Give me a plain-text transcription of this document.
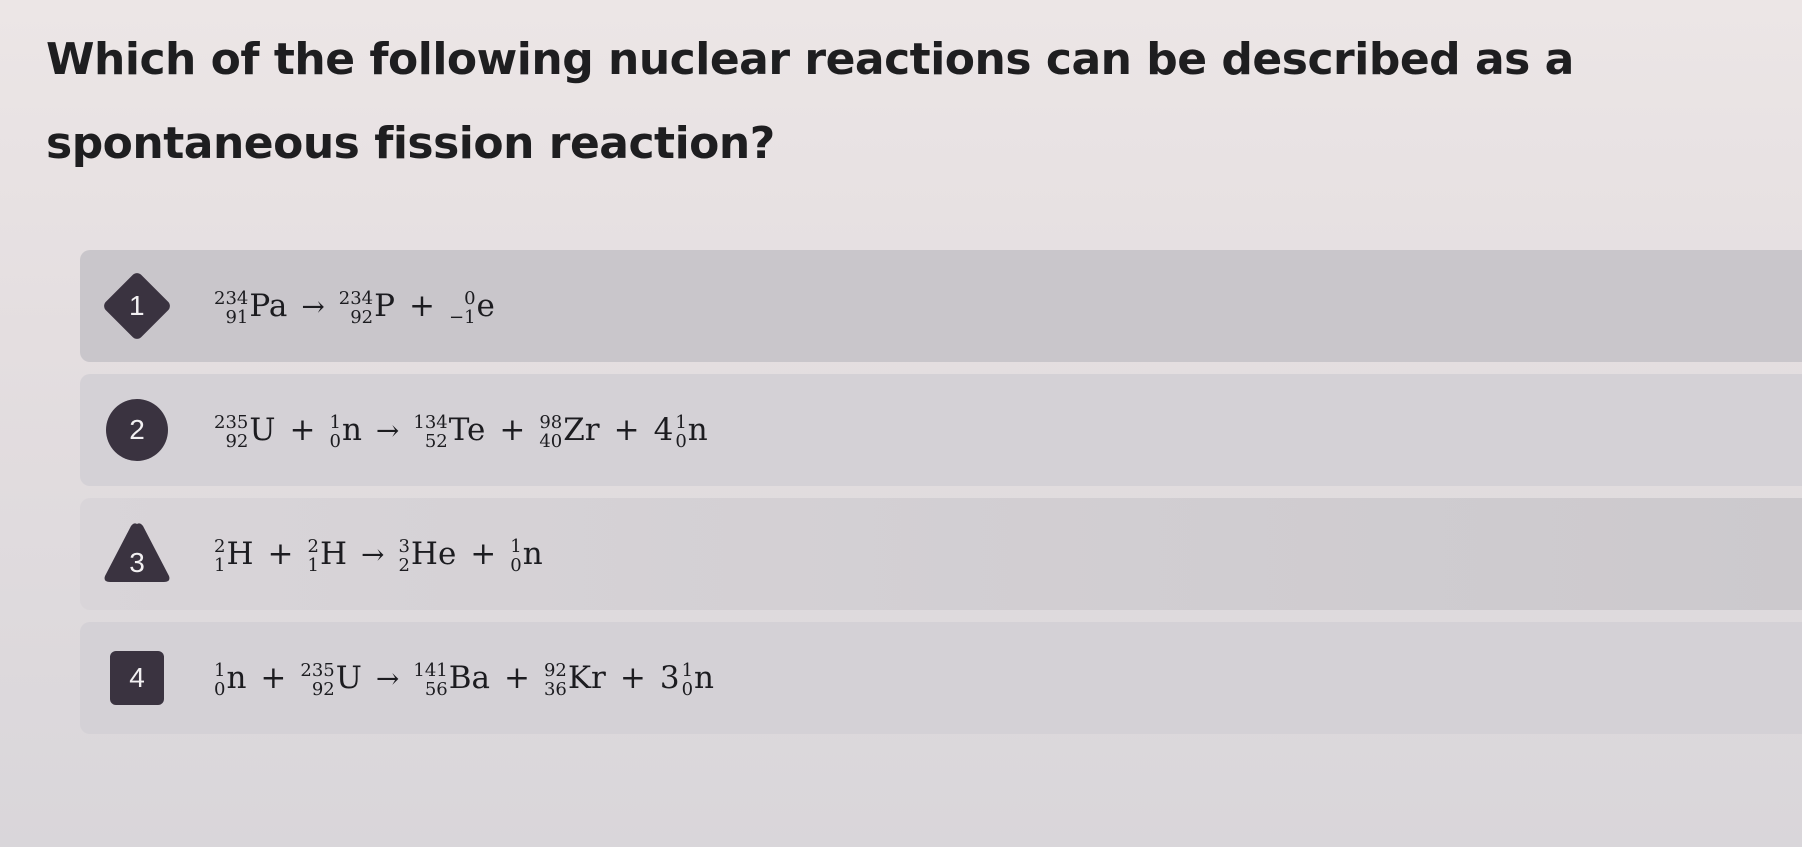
Which of the following nuclear reactions can be described as a spontaneous fission reaction?
1	234
91 Pa → 234
92 P + 0
−1 e
2	235
92 U + 1
0 n → 134
52 Te + 98
40 Zr + 4 1
0 n
3
2
1 H + 2
1 H → 3
2 He + 1
0 n
4	1
0 n + 235
92 U → 141
56 Ba + 92
36 Kr + 3 1
0 n
